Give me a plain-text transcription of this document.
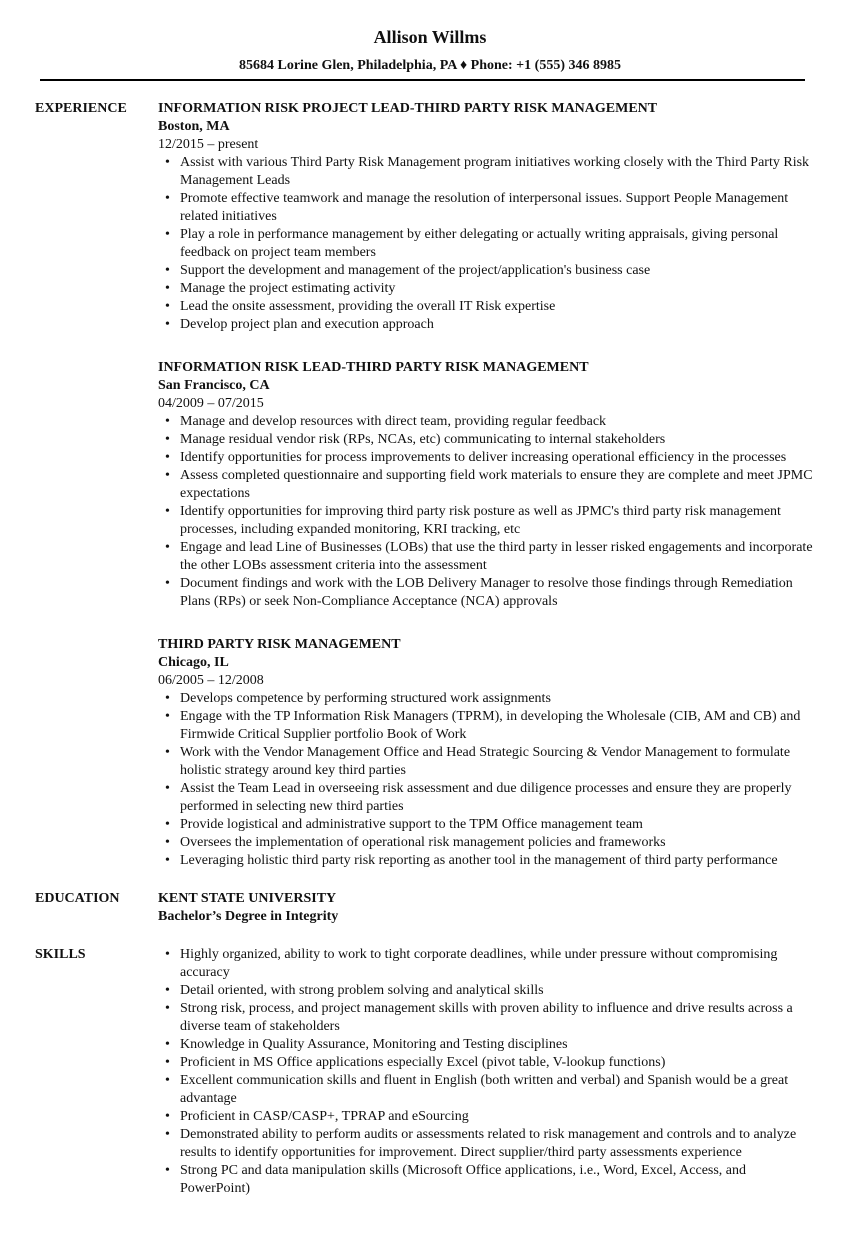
Allison Willms
85684 Lorine Glen, Philadelphia, PA ♦ Phone: +1 (555) 346 8985
EXPERIENCE	INFORMATION RISK PROJECT LEAD-THIRD PARTY RISK MANAGEMENT
Boston, MA
12/2015 – present
• Assist with various Third Party Risk Management program initiatives working closely with the Third Party Risk Management Leads
• Promote effective teamwork and manage the resolution of interpersonal issues. Support People Management related initiatives
• Play a role in performance management by either delegating or actually writing appraisals, giving personal feedback on project team members
• Support the development and management of the project/application's business case
• Manage the project estimating activity
• Lead the onsite assessment, providing the overall IT Risk expertise
• Develop project plan and execution approach
INFORMATION RISK LEAD-THIRD PARTY RISK MANAGEMENT
San Francisco, CA
04/2009 – 07/2015
• Manage and develop resources with direct team, providing regular feedback
• Manage residual vendor risk (RPs, NCAs, etc) communicating to internal stakeholders
• Identify opportunities for process improvements to deliver increasing operational efficiency in the processes
• Assess completed questionnaire and supporting field work materials to ensure they are complete and meet JPMC expectations
• Identify opportunities for improving third party risk posture as well as JPMC's third party risk management processes, including expanded monitoring, KRI tracking, etc
• Engage and lead Line of Businesses (LOBs) that use the third party in lesser risked engagements and incorporate the other LOBs assessment criteria into the assessment
• Document findings and work with the LOB Delivery Manager to resolve those findings through Remediation Plans (RPs) or seek Non-Compliance Acceptance (NCA) approvals
THIRD PARTY RISK MANAGEMENT
Chicago, IL
06/2005 – 12/2008
• Develops competence by performing structured work assignments
• Engage with the TP Information Risk Managers (TPRM), in developing the Wholesale (CIB, AM and CB) and Firmwide Critical Supplier portfolio Book of Work
• Work with the Vendor Management Office and Head Strategic Sourcing & Vendor Management to formulate holistic strategy around key third parties
• Assist the Team Lead in overseeing risk assessment and due diligence processes and ensure they are properly performed in selecting new third parties
• Provide logistical and administrative support to the TPM Office management team
• Oversees the implementation of operational risk management policies and frameworks
• Leveraging holistic third party risk reporting as another tool in the management of third party performance
EDUCATION	KENT STATE UNIVERSITY
Bachelor’s Degree in Integrity
SKILLS	• Highly organized, ability to work to tight corporate deadlines, while under pressure without compromising accuracy
• Detail oriented, with strong problem solving and analytical skills
• Strong risk, process, and project management skills with proven ability to influence and drive results across a diverse team of stakeholders
• Knowledge in Quality Assurance, Monitoring and Testing disciplines
• Proficient in MS Office applications especially Excel (pivot table, V-lookup functions)
• Excellent communication skills and fluent in English (both written and verbal) and Spanish would be a great advantage
• Proficient in CASP/CASP+, TPRAP and eSourcing
• Demonstrated ability to perform audits or assessments related to risk management and controls and to analyze results to identify opportunities for improvement. Direct supplier/third party assessments experience
• Strong PC and data manipulation skills (Microsoft Office applications, i.e., Word, Excel, Access, and PowerPoint)
